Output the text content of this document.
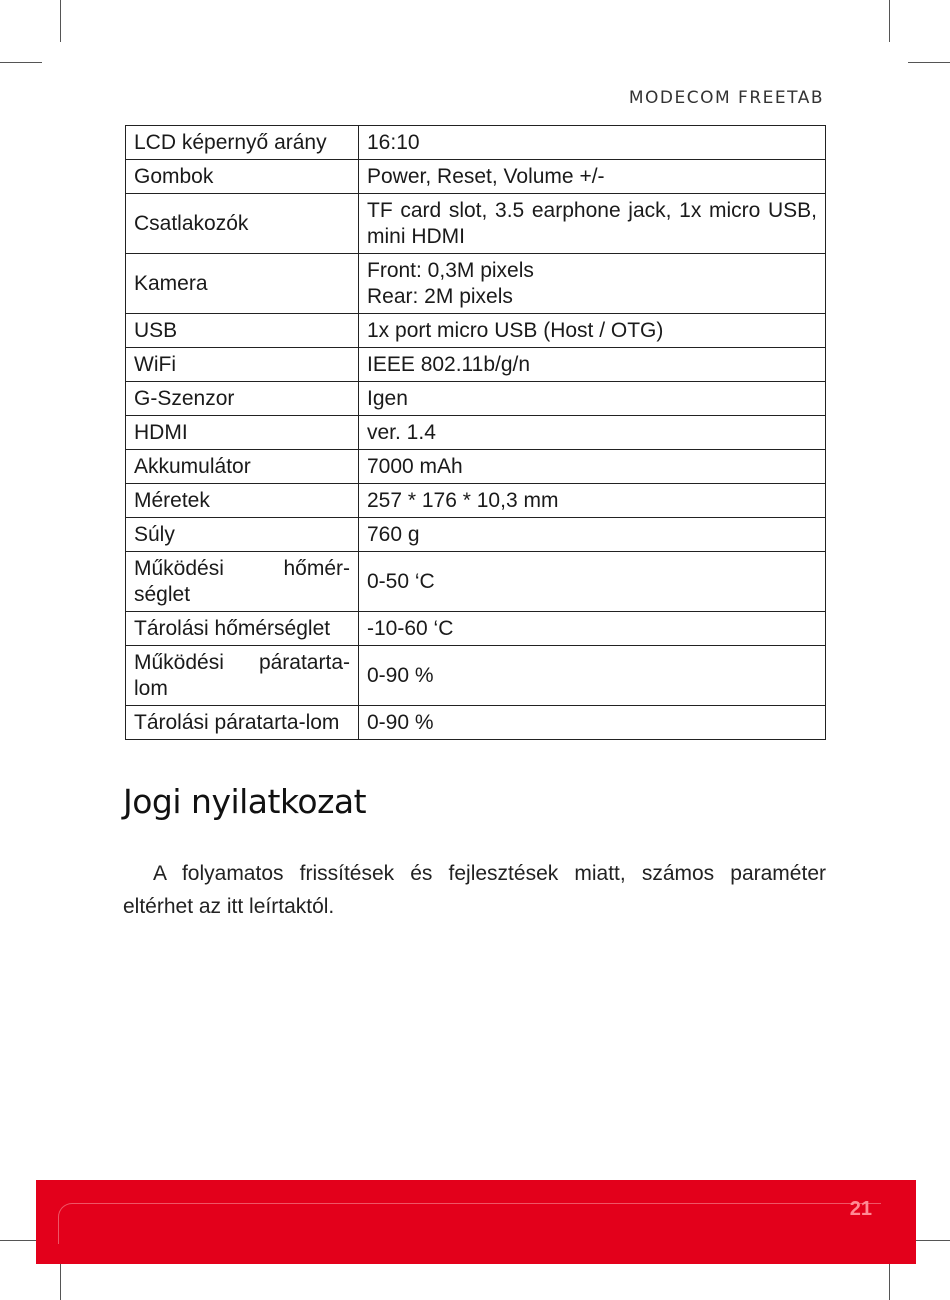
MODECOM FREETAB
LCD képernyő arány	16:10
Gombok	Power, Reset, Volume +/-
Csatlakozók	TF card slot, 3.5 earphone jack, 1x micro USB, mini HDMI
Kamera	Front: 0,3M pixels
Rear: 2M pixels

USB	1x port micro USB (Host / OTG)
WiFi	IEEE 802.11b/g/n
G-Szenzor	Igen
HDMI	ver. 1.4
Akkumulátor	7000 mAh
Méretek	257 * 176 * 10,3 mm
Súly	760 g
Működési hőmér-séglet	0-50 ‘C
Tárolási hőmérséglet	-10-60 ‘C
Működési páratarta-lom	0-90 %
Tárolási páratarta-lom	0-90 %
Jogi nyilatkozat
A folyamatos frissítések és fejlesztések miatt, számos paraméter eltérhet az itt leírtaktól.
21
